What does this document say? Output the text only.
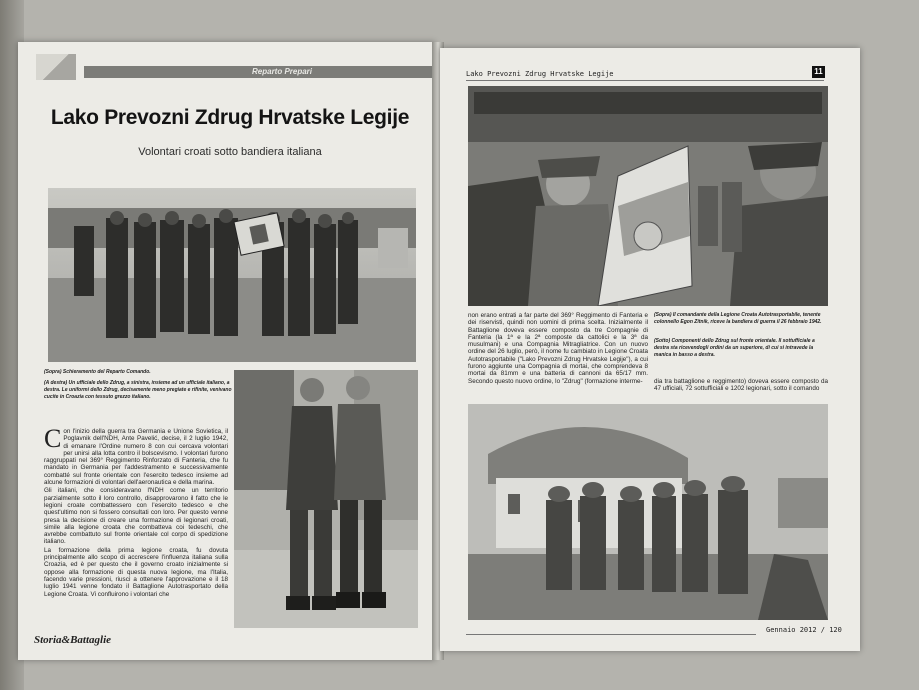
Reparto Prepari
Lako Prevozni Zdrug Hrvatske Legije
Volontari croati sotto bandiera italiana
(Sopra) Schieramento del Reparto Comando.
(A destra) Un ufficiale dello Zdrug, a sinistra, insieme ad un ufficiale italiano, a destra. Le uniformi dello Zdrug, decisamente meno pregiate e rifinite, venivano cucite in Croazia con tessuto grezzo italiano.
C on l'inizio della guerra tra Germania e Unione Sovietica, il Poglavnik dell'NDH, Ante Pavelić, decise, il 2 luglio 1942, di emanare l'Ordine numero 8 con cui cercava volontari per unirsi alla lotta contro il bolscevismo. I volontari furono raggruppati nel 369° Reggimento Rinforzato di Fanteria, che fu mandato in Germania per l'addestramento e successivamente combatté sul fronte orientale con l'esercito tedesco insieme ad alcune formazioni di volontari dell'aeronautica e della marina.

Gli italiani, che consideravano l'NDH come un territorio parzialmente sotto il loro controllo, disapprovarono il fatto che le legioni croate combattessero con l'esercito tedesco e che quest'ultimo non si fossero consultati con loro. Per questo venne presa la decisione di creare una formazione di legionari croati, simile alla legione croata che combatteva coi tedeschi, che avrebbe combattuto sul fronte orientale col corpo di spedizione italiano.

La formazione della prima legione croata, fu dovuta principalmente allo scopo di accrescere l'influenza italiana sulla Croazia, ed è per questo che il governo croato inizialmente si oppose alla formazione di questa nuova legione, ma l'Italia, facendo varie pressioni, riuscì a ottenere l'approvazione e il 18 luglio 1941 venne fondato il Battaglione Autotrasportato della Legione Croata. Vi confluirono i volontari che

Storia&Battaglie
Lako Prevozni Zdrug Hrvatske Legije	11
non erano entrati a far parte del 369° Reggimento di Fanteria e dei riservisti, quindi non uomini di prima scelta. Inizialmente il Battaglione doveva essere composto da tre Compagnie di Fanteria (la 1ª e la 2ª composte da cattolici e la 3ª da musulmani) e una Compagnia Mitragliatrice. Con un nuovo ordine del 26 luglio, però, il nome fu cambiato in Legione Croata Autotrasportabile ("Lako Prevozni Zdrug Hrvatske Legije"), a cui furono aggiunte una Compagnia di mortai, che comprendeva 8 mortai da 81mm e una batteria di cannoni da 65/17 mm. Secondo questo nuovo ordine, lo "Zdrug" (formazione interme-
(Sopra) Il comandante della Legione Croata Autotrasportabile, tenente colonnello Egon Zitnik, riceve la bandiera di guerra il 26 febbraio 1942.
(Sotto) Componenti dello Zdrug sul fronte orientale. Il sottufficiale a destra sta ricevendogli ordini da un superiore, di cui si intravede la manica in basso a destra.
dia tra battaglione e reggimento) doveva essere composto da 47 ufficiali, 72 sottufficiali e 1202 legionari, sotto il comando
Gennaio 2012 / 120
